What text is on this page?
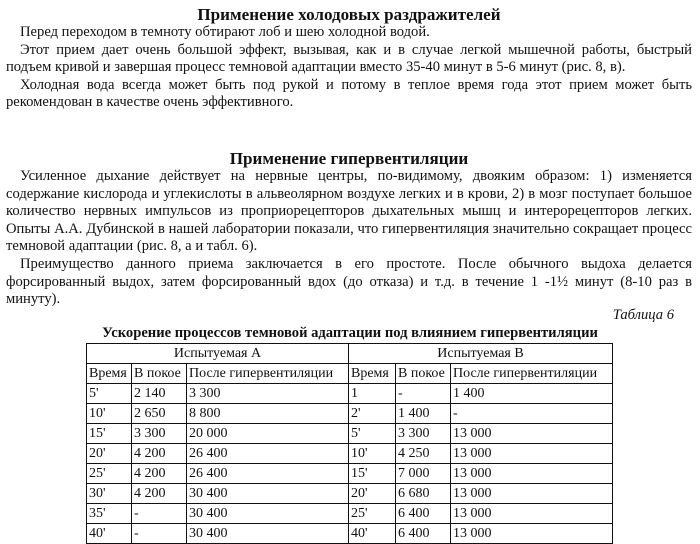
Применение холодовых раздражителей

Перед переходом в темноту обтирают лоб и шею холодной водой.

Этот прием дает очень большой эффект, вызывая, как и в случае легкой мышечной работы, быстрый подъем кривой и завершая процесс темновой адаптации вместо 35-40 минут в 5-6 минут (рис. 8, в).

Холодная вода всегда может быть под рукой и потому в теплое время года этот прием может быть рекомендован в качестве очень эффективного.

Применение гипервентиляции

Усиленное дыхание действует на нервные центры, по-видимому, двояким образом: 1) изменяется содержание кислорода и углекислоты в альвеолярном воздухе легких и в крови, 2) в мозг поступает большое количество нервных импульсов из проприорецепторов дыхательных мышц и интерорецепторов легких. Опыты А.А. Дубинской в нашей лаборатории показали, что гипервентиляция значительно сокращает процесс темновой адаптации (рис. 8, а и табл. 6).

Преимущество данного приема заключается в его простоте. После обычного выдоха делается форсированный выдох, затем форсированный вдох (до отказа) и т.д. в течение 1 -1½ минут (8-10 раз в минуту).

Таблица 6
Ускорение процессов темновой адаптации под влиянием гипервентиляции
Испытуемая А			Испытуемая В		
Время	В покое	После гипервентиляции	Время	В покое	После гипервентиляции
5'	2 140	3 300	1	-	1 400
10'	2 650	8 800	2'	1 400	-
15'	3 300	20 000	5'	3 300	13 000
20'	4 200	26 400	10'	4 250	13 000
25'	4 200	26 400	15'	7 000	13 000
30'	4 200	30 400	20'	6 680	13 000
35'	-	30 400	25'	6 400	13 000
40'	-	30 400	40'	6 400	13 000
